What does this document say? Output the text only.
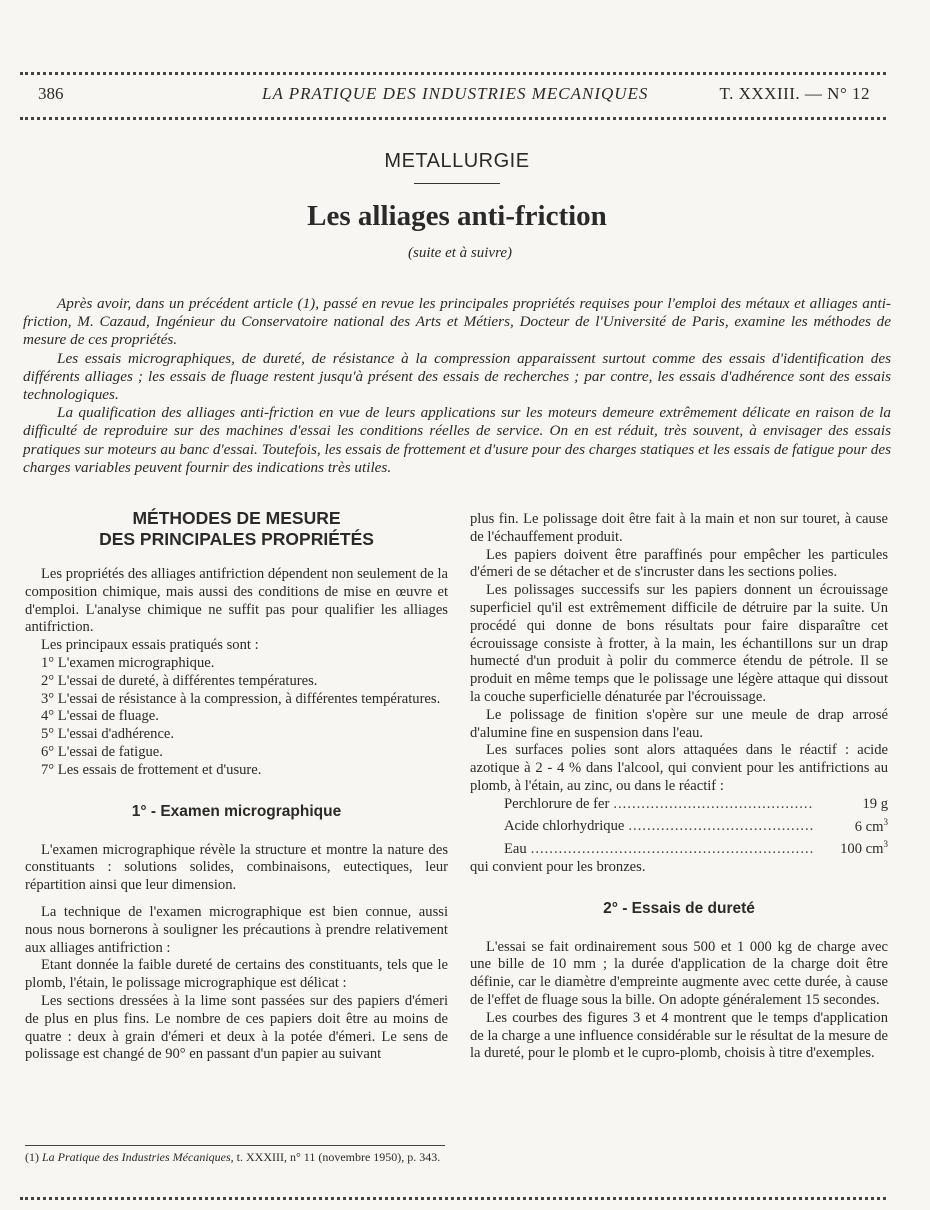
386	LA PRATIQUE DES INDUSTRIES MECANIQUES	T. XXXIII. — N° 12
METALLURGIE
Les alliages anti-friction
(suite et à suivre)

Après avoir, dans un précédent article (1), passé en revue les principales propriétés requises pour l'emploi des métaux et alliages anti-friction, M. Cazaud, Ingénieur du Conservatoire national des Arts et Métiers, Docteur de l'Université de Paris, examine les méthodes de mesure de ces propriétés.

Les essais micrographiques, de dureté, de résistance à la compression apparaissent surtout comme des essais d'identification des différents alliages ; les essais de fluage restent jusqu'à présent des essais de recherches ; par contre, les essais d'adhérence sont des essais technologiques.

La qualification des alliages anti-friction en vue de leurs applications sur les moteurs demeure extrêmement délicate en raison de la difficulté de reproduire sur des machines d'essai les conditions réelles de service. On en est réduit, très souvent, à envisager des essais pratiques sur moteurs au banc d'essai. Toutefois, les essais de frottement et d'usure pour des charges statiques et les essais de fatigue pour des charges variables peuvent fournir des indications très utiles.

MÉTHODES DE MESURE
DES PRINCIPALES PROPRIÉTÉS

Les propriétés des alliages antifriction dépendent non seulement de la composition chimique, mais aussi des conditions de mise en œuvre et d'emploi. L'analyse chimique ne suffit pas pour qualifier les alliages antifriction.

Les principaux essais pratiqués sont :

1° L'examen micrographique.
2° L'essai de dureté, à différentes températures.
3° L'essai de résistance à la compression, à différentes températures.
4° L'essai de fluage.
5° L'essai d'adhérence.
6° L'essai de fatigue.
7° Les essais de frottement et d'usure.
1° - Examen micrographique

L'examen micrographique révèle la structure et montre la nature des constituants : solutions solides, combinaisons, eutectiques, leur répartition ainsi que leur dimension.

La technique de l'examen micrographique est bien connue, aussi nous nous bornerons à souligner les précautions à prendre relativement aux alliages antifriction :

Etant donnée la faible dureté de certains des constituants, tels que le plomb, l'étain, le polissage micrographique est délicat :

Les sections dressées à la lime sont passées sur des papiers d'émeri de plus en plus fins. Le nombre de ces papiers doit être au moins de quatre : deux à grain d'émeri et deux à la potée d'émeri. Le sens de polissage est changé de 90° en passant d'un papier au suivant

plus fin. Le polissage doit être fait à la main et non sur touret, à cause de l'échauffement produit.

Les papiers doivent être paraffinés pour empêcher les particules d'émeri de se détacher et de s'incruster dans les sections polies.

Les polissages successifs sur les papiers donnent un écrouissage superficiel qu'il est extrêmement difficile de détruire par la suite. Un procédé qui donne de bons résultats pour faire disparaître cet écrouissage consiste à frotter, à la main, les échantillons sur un drap humecté d'un produit à polir du commerce étendu de pétrole. Il se produit en même temps que le polissage une légère attaque qui dissout la couche superficielle dénaturée par l'écrouissage.

Le polissage de finition s'opère sur une meule de drap arrosé d'alumine fine en suspension dans l'eau.

Les surfaces polies sont alors attaquées dans le réactif : acide azotique à 2 - 4 % dans l'alcool, qui convient pour les antifrictions au plomb, à l'étain, au zinc, ou dans le réactif :

Perchlorure de fer .....	19 g
Acide chlorhydrique .....	6 $cm^3$
Eau .....	100 $cm^3$

qui convient pour les bronzes.

2° - Essais de dureté

L'essai se fait ordinairement sous 500 et 1 000 kg de charge avec une bille de 10 mm ; la durée d'application de la charge doit être définie, car le diamètre d'empreinte augmente avec cette durée, à cause de l'effet de fluage sous la bille. On adopte généralement 15 secondes.

Les courbes des figures 3 et 4 montrent que le temps d'application de la charge a une influence considérable sur le résultat de la mesure de la dureté, pour le plomb et le cupro-plomb, choisis à titre d'exemples.

(1) La Pratique des Industries Mécaniques, t. XXXIII, n° 11 (novembre 1950), p. 343.
